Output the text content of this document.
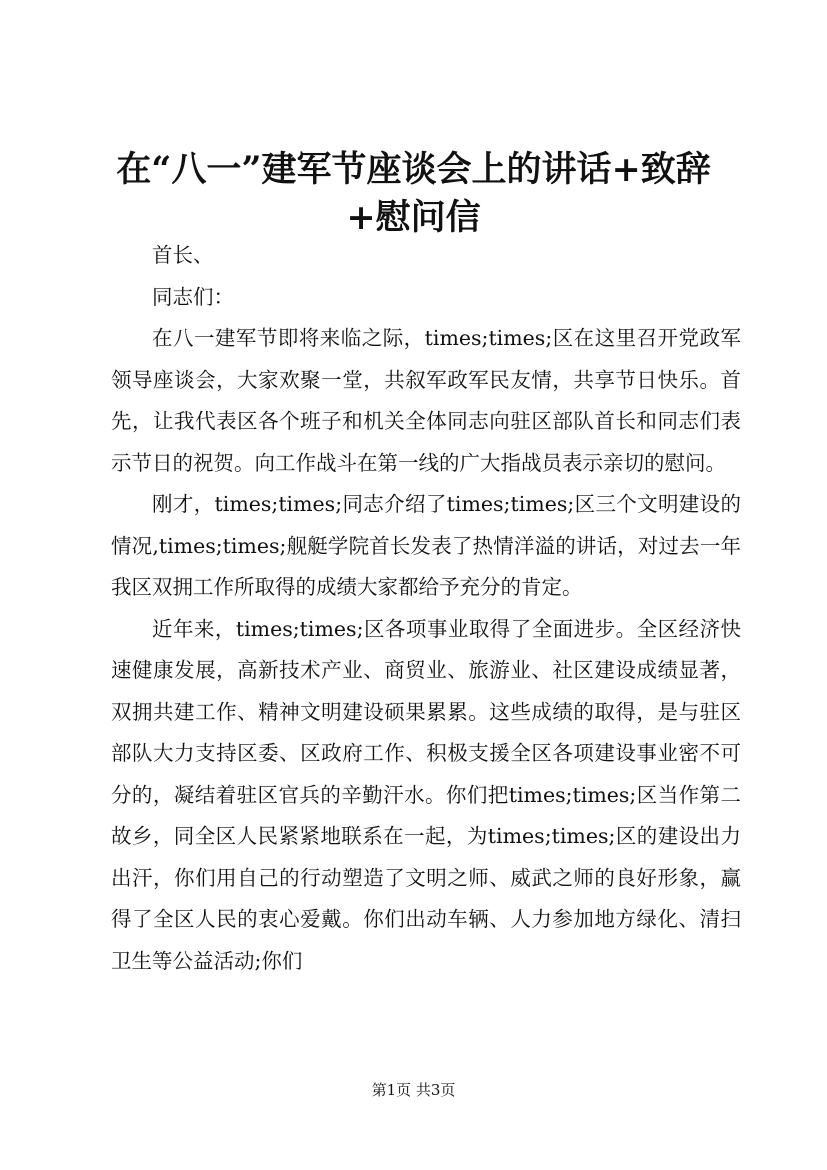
在“八一”建军节座谈会上的讲话+致辞+慰问信

首长、

同志们：

在八一建军节即将来临之际，times;times;区在这里召开党政军领导座谈会，大家欢聚一堂，共叙军政军民友情，共享节日快乐。首先，让我代表区各个班子和机关全体同志向驻区部队首长和同志们表示节日的祝贺。向工作战斗在第一线的广大指战员表示亲切的慰问。

刚才，times;times;同志介绍了times;times;区三个文明建设的情况,times;times;舰艇学院首长发表了热情洋溢的讲话，对过去一年我区双拥工作所取得的成绩大家都给予充分的肯定。

近年来，times;times;区各项事业取得了全面进步。全区经济快速健康发展，高新技术产业、商贸业、旅游业、社区建设成绩显著，双拥共建工作、精神文明建设硕果累累。这些成绩的取得，是与驻区部队大力支持区委、区政府工作、积极支援全区各项建设事业密不可分的，凝结着驻区官兵的辛勤汗水。你们把times;times;区当作第二故乡，同全区人民紧紧地联系在一起，为times;times;区的建设出力出汗，你们用自己的行动塑造了文明之师、威武之师的良好形象，赢得了全区人民的衷心爱戴。你们出动车辆、人力参加地方绿化、清扫卫生等公益活动;你们

第1页 共3页
